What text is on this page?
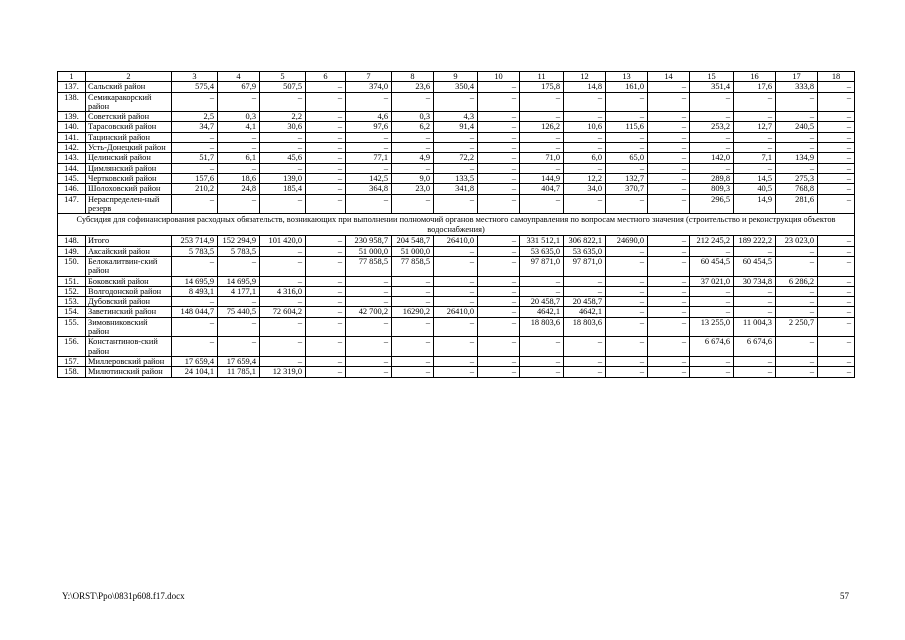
1	2	3	4	5	6	7	8	9	10	11	12	13	14	15	16	17	18
137.	Сальский район	575,4	67,9	507,5	–	374,0	23,6	350,4	–	175,8	14,8	161,0	–	351,4	17,6	333,8	–
138.	Семикаракорский район	–	–	–	–	–	–	–	–	–	–	–	–	–	–	–	–
139.	Советский район	2,5	0,3	2,2	–	4,6	0,3	4,3	–	–	–	–	–	–	–	–	–
140.	Тарасовский район	34,7	4,1	30,6	–	97,6	6,2	91,4	–	126,2	10,6	115,6	–	253,2	12,7	240,5	–
141.	Тацинский район	–	–	–	–	–	–	–	–	–	–	–	–	–	–	–	–
142.	Усть-Донецкий район	–	–	–	–	–	–	–	–	–	–	–	–	–	–	–	–
143.	Целинский район	51,7	6,1	45,6	–	77,1	4,9	72,2	–	71,0	6,0	65,0	–	142,0	7,1	134,9	–
144.	Цимлянский район	–	–	–	–	–	–	–	–	–	–	–	–	–	–	–	–
145.	Чертковский район	157,6	18,6	139,0	–	142,5	9,0	133,5	–	144,9	12,2	132,7	–	289,8	14,5	275,3	–
146.	Шолоховский район	210,2	24,8	185,4	–	364,8	23,0	341,8	–	404,7	34,0	370,7	–	809,3	40,5	768,8	–
147.	Нераспределен-ный резерв	–	–	–	–	–	–	–	–	–	–	–	–	296,5	14,9	281,6	–
Субсидия для софинансирования расходных обязательств, возникающих при выполнении полномочий органов местного самоуправления по вопросам местного значения (строительство и реконструкция объектов водоснабжения)																	
148.	Итого	253 714,9	152 294,9	101 420,0	–	230 958,7	204 548,7	26410,0	–	331 512,1	306 822,1	24690,0	–	212 245,2	189 222,2	23 023,0	–
149.	Аксайский район	5 783,5	5 783,5	–	–	51 000,0	51 000,0	–	–	53 635,0	53 635,0	–	–	–	–	–	–
150.	Белокалитвин-ский район	–	–	–	–	77 858,5	77 858,5	–	–	97 871,0	97 871,0	–	–	60 454,5	60 454,5	–	–
151.	Боковский район	14 695,9	14 695,9	–	–	–	–	–	–	–	–	–	–	37 021,0	30 734,8	6 286,2	–
152.	Волгодонской район	8 493,1	4 177,1	4 316,0	–	–	–	–	–	–	–	–	–	–	–	–	–
153.	Дубовский район	–	–	–	–	–	–	–	–	20 458,7	20 458,7	–	–	–	–	–	–
154.	Заветинский район	148 044,7	75 440,5	72 604,2	–	42 700,2	16290,2	26410,0	–	4642,1	4642,1	–	–	–	–	–	–
155.	Зимовниковский район	–	–	–	–	–	–	–	–	18 803,6	18 803,6	–	–	13 255,0	11 004,3	2 250,7	–
156.	Константинов-ский район	–	–	–	–	–	–	–	–	–	–	–	–	6 674,6	6 674,6	–	–
157.	Миллеровский район	17 659,4	17 659,4	–	–	–	–	–	–	–	–	–	–	–	–	–	–
158.	Милютинский район	24 104,1	11 785,1	12 319,0	–	–	–	–	–	–	–	–	–	–	–	–	–
Y:\ORST\Ppo\0831p608.f17.docx	57
